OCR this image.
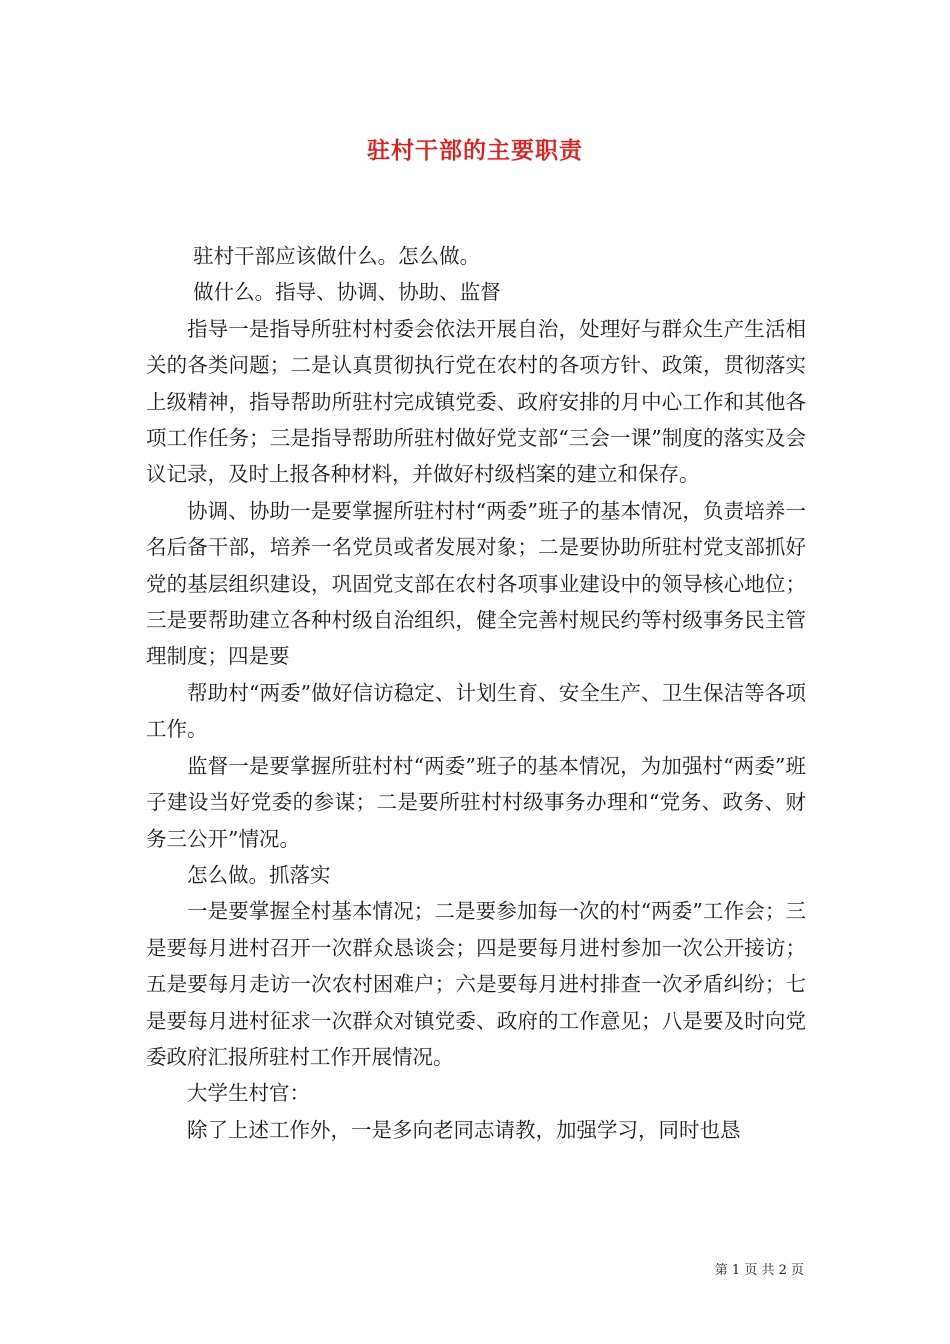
驻村干部的主要职责

驻村干部应该做什么。怎么做。

做什么。指导、协调、协助、监督

指导一是指导所驻村村委会依法开展自治，处理好与群众生产生活相关的各类问题；二是认真贯彻执行党在农村的各项方针、政策，贯彻落实上级精神，指导帮助所驻村完成镇党委、政府安排的月中心工作和其他各项工作任务；三是指导帮助所驻村做好党支部“三会一课”制度的落实及会议记录，及时上报各种材料，并做好村级档案的建立和保存。

协调、协助一是要掌握所驻村村“两委”班子的基本情况，负责培养一名后备干部，培养一名党员或者发展对象；二是要协助所驻村党支部抓好党的基层组织建设，巩固党支部在农村各项事业建设中的领导核心地位；三是要帮助建立各种村级自治组织，健全完善村规民约等村级事务民主管理制度；四是要

帮助村“两委”做好信访稳定、计划生育、安全生产、卫生保洁等各项工作。

监督一是要掌握所驻村村“两委”班子的基本情况，为加强村“两委”班子建设当好党委的参谋；二是要所驻村村级事务办理和“党务、政务、财务三公开”情况。

怎么做。抓落实

一是要掌握全村基本情况；二是要参加每一次的村“两委”工作会；三是要每月进村召开一次群众恳谈会；四是要每月进村参加一次公开接访；五是要每月走访一次农村困难户；六是要每月进村排查一次矛盾纠纷；七是要每月进村征求一次群众对镇党委、政府的工作意见；八是要及时向党委政府汇报所驻村工作开展情况。

大学生村官：

除了上述工作外，一是多向老同志请教，加强学习，同时也恳

第 1 页 共 2 页
